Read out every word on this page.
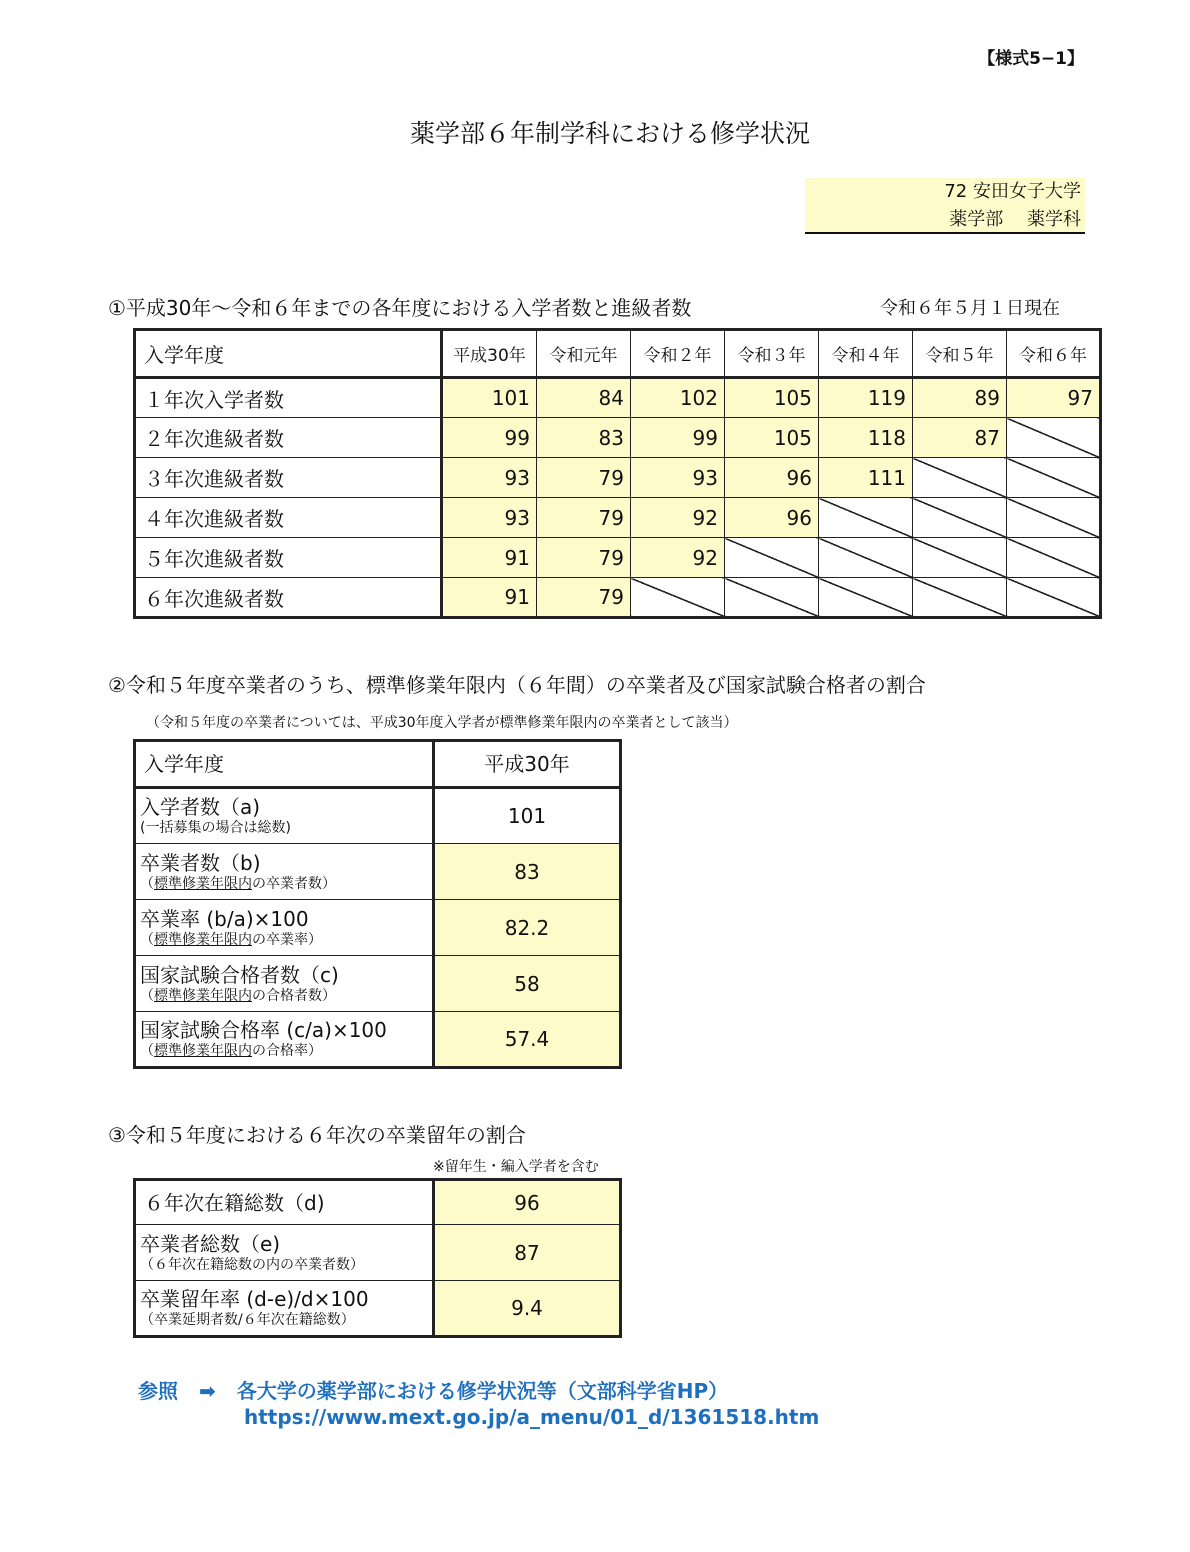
【様式5−1】
薬学部６年制学科における修学状況
72 安田女子大学
薬学部　 薬学科
①平成30年～令和６年までの各年度における入学者数と進級者数	令和６年５月１日現在
入学年度	平成30年	令和元年	令和２年	令和３年	令和４年	令和５年	令和６年
１年次入学者数	101	84	102	105	119	89	97
２年次進級者数	99	83	99	105	118	87	
３年次進級者数	93	79	93	96	111		
４年次進級者数	93	79	92	96			
５年次進級者数	91	79	92				
６年次進級者数	91	79					
②令和５年度卒業者のうち、標準修業年限内（６年間）の卒業者及び国家試験合格者の割合
（令和５年度の卒業者については、平成30年度入学者が標準修業年限内の卒業者として該当）
入学年度	平成30年
入学者数（a)
(一括募集の場合は総数)	101
卒業者数（b)
（標準修業年限内の卒業者数）	83
卒業率 (b/a)×100
（標準修業年限内の卒業率）	82.2
国家試験合格者数（c)
（標準修業年限内の合格者数）	58
国家試験合格率 (c/a)×100
（標準修業年限内の合格率）	57.4
③令和５年度における６年次の卒業留年の割合
※留年生・編入学者を含む
６年次在籍総数（d)	96
卒業者総数（e)
（６年次在籍総数の内の卒業者数）	87
卒業留年率 (d-e)/d×100
（卒業延期者数/６年次在籍総数）	9.4
参照 ➡ 各大学の薬学部における修学状況等（文部科学省HP）
https://www.mext.go.jp/a_menu/01_d/1361518.htm
